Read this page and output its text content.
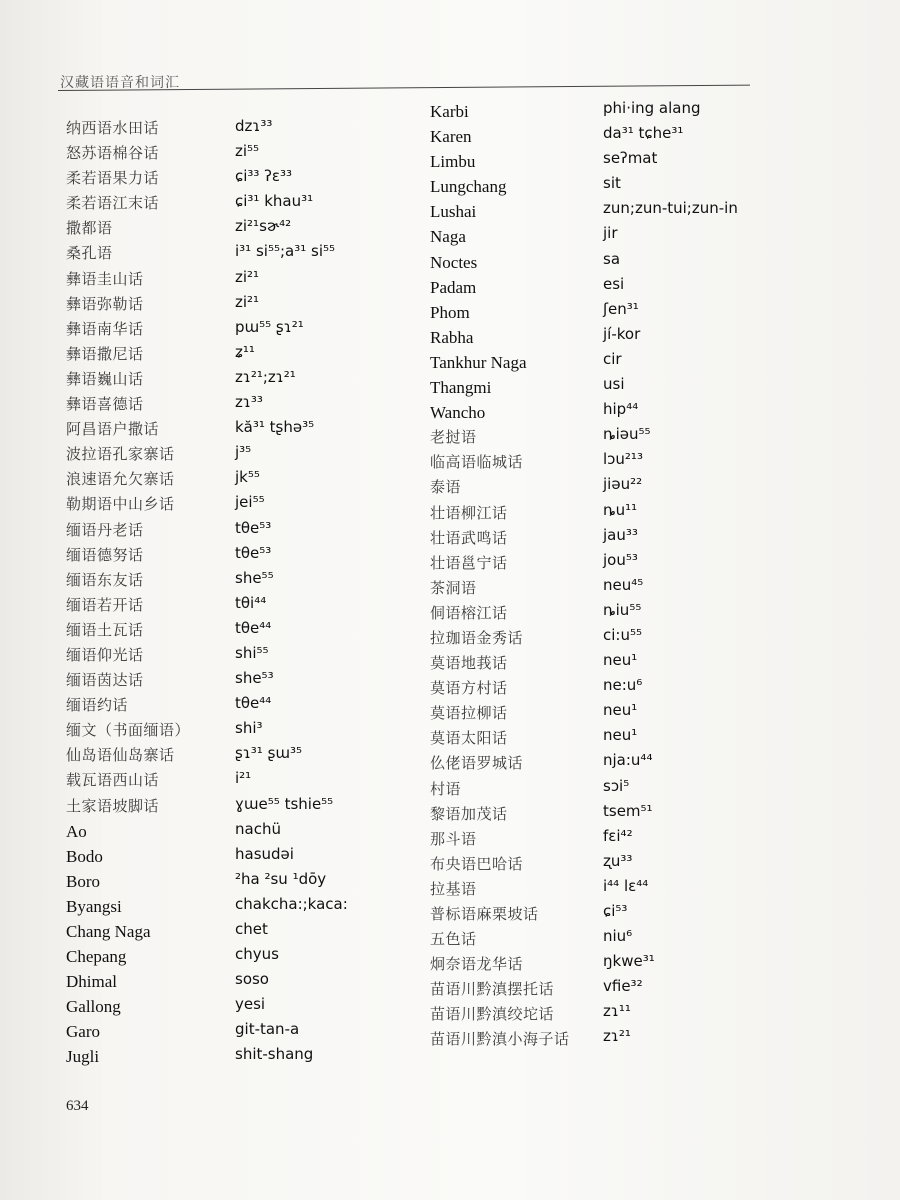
汉藏语语音和词汇
纳西语水田话
怒苏语棉谷话
柔若语果力话
柔若语江末话
撒都语
桑孔语
彝语圭山话
彝语弥勒话
彝语南华话
彝语撒尼话
彝语巍山话
彝语喜德话
阿昌语户撒话
波拉语孔家寨话
浪速语允欠寨话
勒期语中山乡话
缅语丹老话
缅语德努话
缅语东友话
缅语若开话
缅语土瓦话
缅语仰光话
缅语茵达话
缅语约话
缅文（书面缅语）
仙岛语仙岛寨话
载瓦语西山话
土家语坡脚话
Ao
Bodo
Boro
Byangsi
Chang Naga
Chepang
Dhimal
Gallong
Garo
Jugli
dzɿ³³
zi⁵⁵
ɕi³³ ʔɛ³³
ɕi³¹ khau³¹
zi²¹sɚ⁴²
i³¹ si⁵⁵;a³¹ si⁵⁵
zi²¹
zi²¹
pɯ⁵⁵ ʂɿ²¹
ʑ¹¹
zɿ²¹;zɿ²¹
zɿ³³
kă³¹ tʂhə³⁵
j³⁵
jk⁵⁵
jei⁵⁵
tθe⁵³
tθe⁵³
she⁵⁵
tθi⁴⁴
tθe⁴⁴
shi⁵⁵
she⁵³
tθe⁴⁴
shi³
ʂɿ³¹ ʂɯ³⁵
i²¹
ɣɯe⁵⁵ tshie⁵⁵
nachü
hasudəi
²ha ²su ¹dōy
chakcha:;kaca:
chet
chyus
soso
yesi
git-tan-a
shit-shang
Karbi
Karen
Limbu
Lungchang
Lushai
Naga
Noctes
Padam
Phom
Rabha
Tankhur Naga
Thangmi
Wancho
老挝语
临高语临城话
泰语
壮语柳江话
壮语武鸣话
壮语邕宁话
茶洞语
侗语榕江话
拉珈语金秀话
莫语地莪话
莫语方村话
莫语拉柳话
莫语太阳话
仫佬语罗城话
村语
黎语加茂话
那斗语
布央语巴哈话
拉基语
普标语麻栗坡话
五色话
炯奈语龙华话
苗语川黔滇摆托话
苗语川黔滇绞坨话
苗语川黔滇小海子话
phi·ing alang
da³¹ tɕhe³¹
seʔmat
sit
zun;zun-tui;zun-in
jir
sa
esi
ʃen³¹
jí-kor
cir
usi
hip⁴⁴
ȵiəu⁵⁵
lɔu²¹³
jiəu²²
ȵu¹¹
jau³³
jou⁵³
neu⁴⁵
ȵiu⁵⁵
ci:u⁵⁵
neu¹
ne:u⁶
neu¹
neu¹
nja:u⁴⁴
sɔi⁵
tsem⁵¹
fɛi⁴²
ʐu³³
i⁴⁴ lɛ⁴⁴
ɕi⁵³
niu⁶
ŋkwe³¹
vfie³²
zɿ¹¹
zɿ²¹
634
